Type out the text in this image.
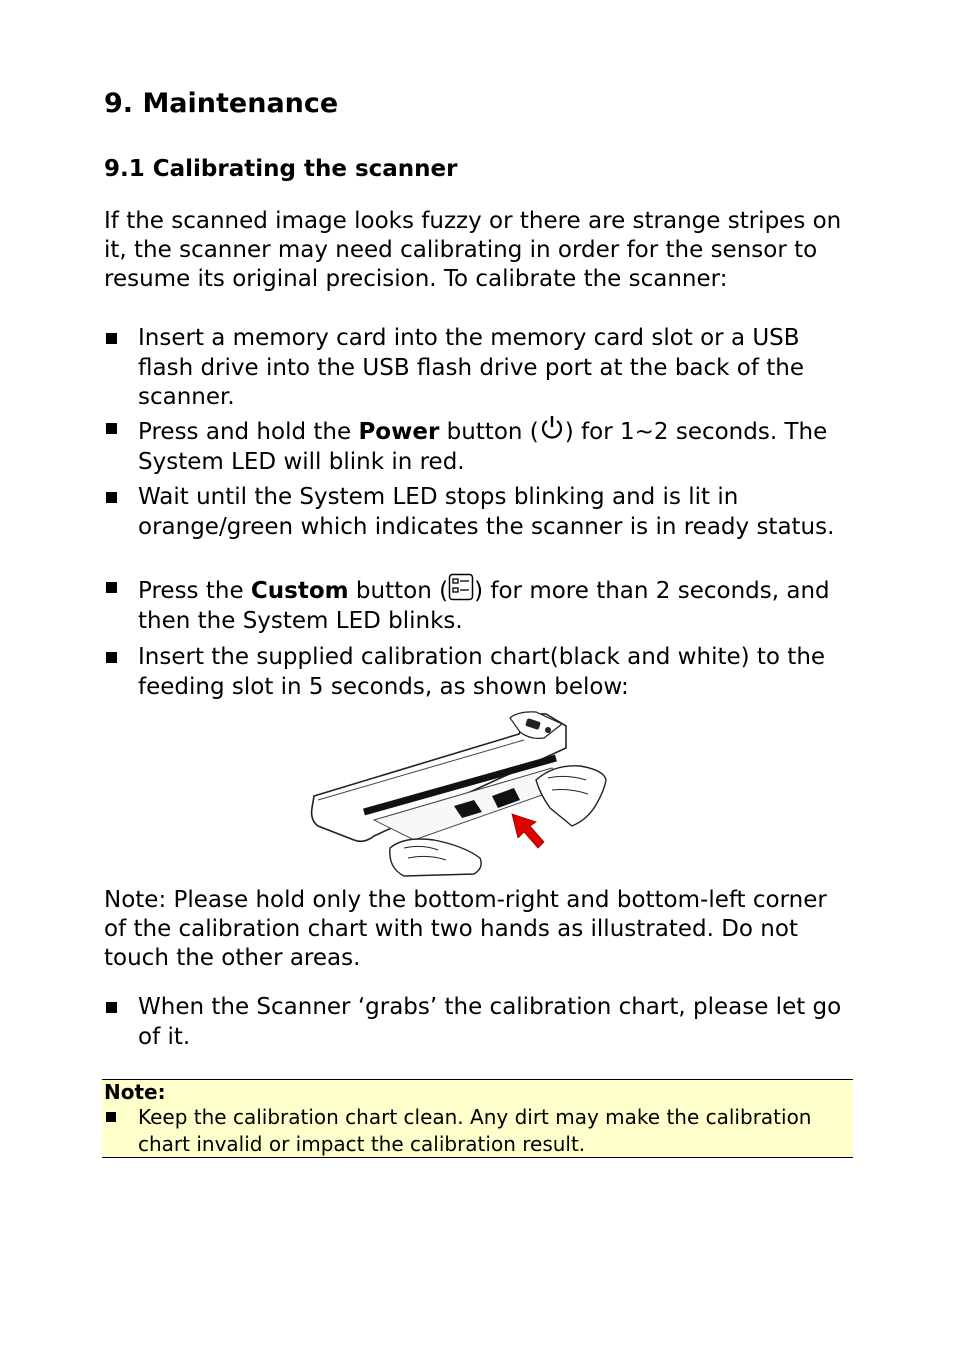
9. Maintenance
9.1 Calibrating the scanner

If the scanned image looks fuzzy or there are strange stripes on it, the scanner may need calibrating in order for the sensor to resume its original precision. To calibrate the scanner:

Insert a memory card into the memory card slot or a USB flash drive into the USB flash drive port at the back of the scanner.
Press and hold the Power button ( ) for 1~2 seconds. The System LED will blink in red.
Wait until the System LED stops blinking and is lit in orange/green which indicates the scanner is in ready status.
Press the Custom button ( ) for more than 2 seconds, and then the System LED blinks.
Insert the supplied calibration chart(black and white) to the feeding slot in 5 seconds, as shown below:

Note: Please hold only the bottom-right and bottom-left corner of the calibration chart with two hands as illustrated. Do not touch the other areas.

When the Scanner ‘grabs’ the calibration chart, please let go of it.
Note:
Keep the calibration chart clean. Any dirt may make the calibration chart invalid or impact the calibration result.
